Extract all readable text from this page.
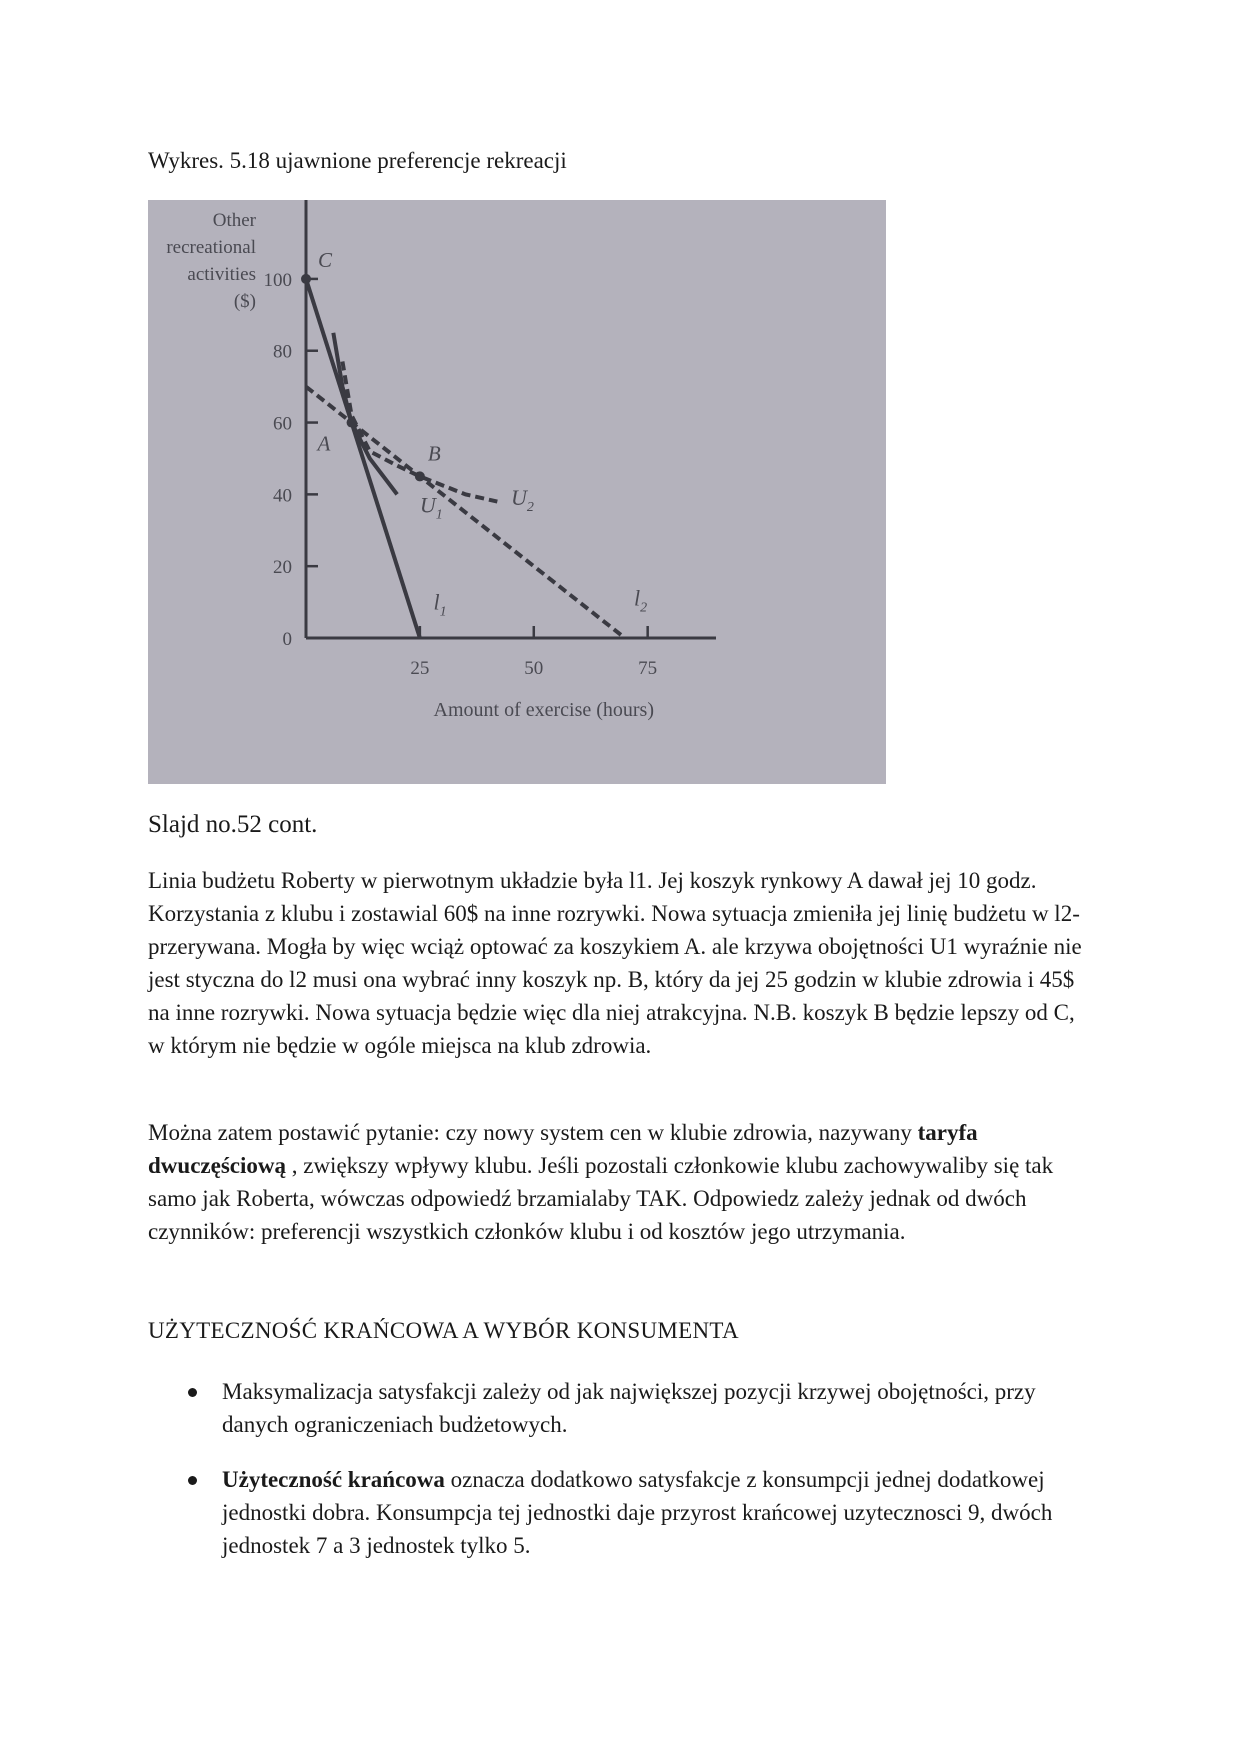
Wykres. 5.18 ujawnione preferencje rekreacji
Other
recreational
activities
($)
0
20
40
60
80
100
25	50	75
C
A	B
$U_1$
$U_2$
$l_1$
$l_2$
Amount of exercise (hours)
Slajd no.52 cont.

Linia budżetu Roberty w pierwotnym układzie była l1. Jej koszyk rynkowy A dawał jej 10 godz. Korzystania z klubu i zostawial 60$ na inne rozrywki. Nowa sytuacja zmieniła jej linię budżetu w l2-przerywana. Mogła by więc wciąż optować za koszykiem A. ale krzywa obojętności U1 wyraźnie nie jest styczna do l2 musi ona wybrać inny koszyk np. B, który da jej 25 godzin w klubie zdrowia i 45$ na inne rozrywki. Nowa sytuacja będzie więc dla niej atrakcyjna. N.B. koszyk B będzie lepszy od C, w którym nie będzie w ogóle miejsca na klub zdrowia.

Można zatem postawić pytanie: czy nowy system cen w klubie zdrowia, nazywany taryfa dwuczęściową , zwiększy wpływy klubu. Jeśli pozostali członkowie klubu zachowywaliby się tak samo jak Roberta, wówczas odpowiedź brzamialaby TAK. Odpowiedz zależy jednak od dwóch czynników: preferencji wszystkich członków klubu i od kosztów jego utrzymania.

UŻYTECZNOŚĆ KRAŃCOWA A WYBÓR KONSUMENTA
Maksymalizacja satysfakcji zależy od jak największej pozycji krzywej obojętności, przy danych ograniczeniach budżetowych.
Użyteczność krańcowa oznacza dodatkowo satysfakcje z konsumpcji jednej dodatkowej jednostki dobra. Konsumpcja tej jednostki daje przyrost krańcowej uzytecznosci 9, dwóch jednostek 7 a 3 jednostek tylko 5.
